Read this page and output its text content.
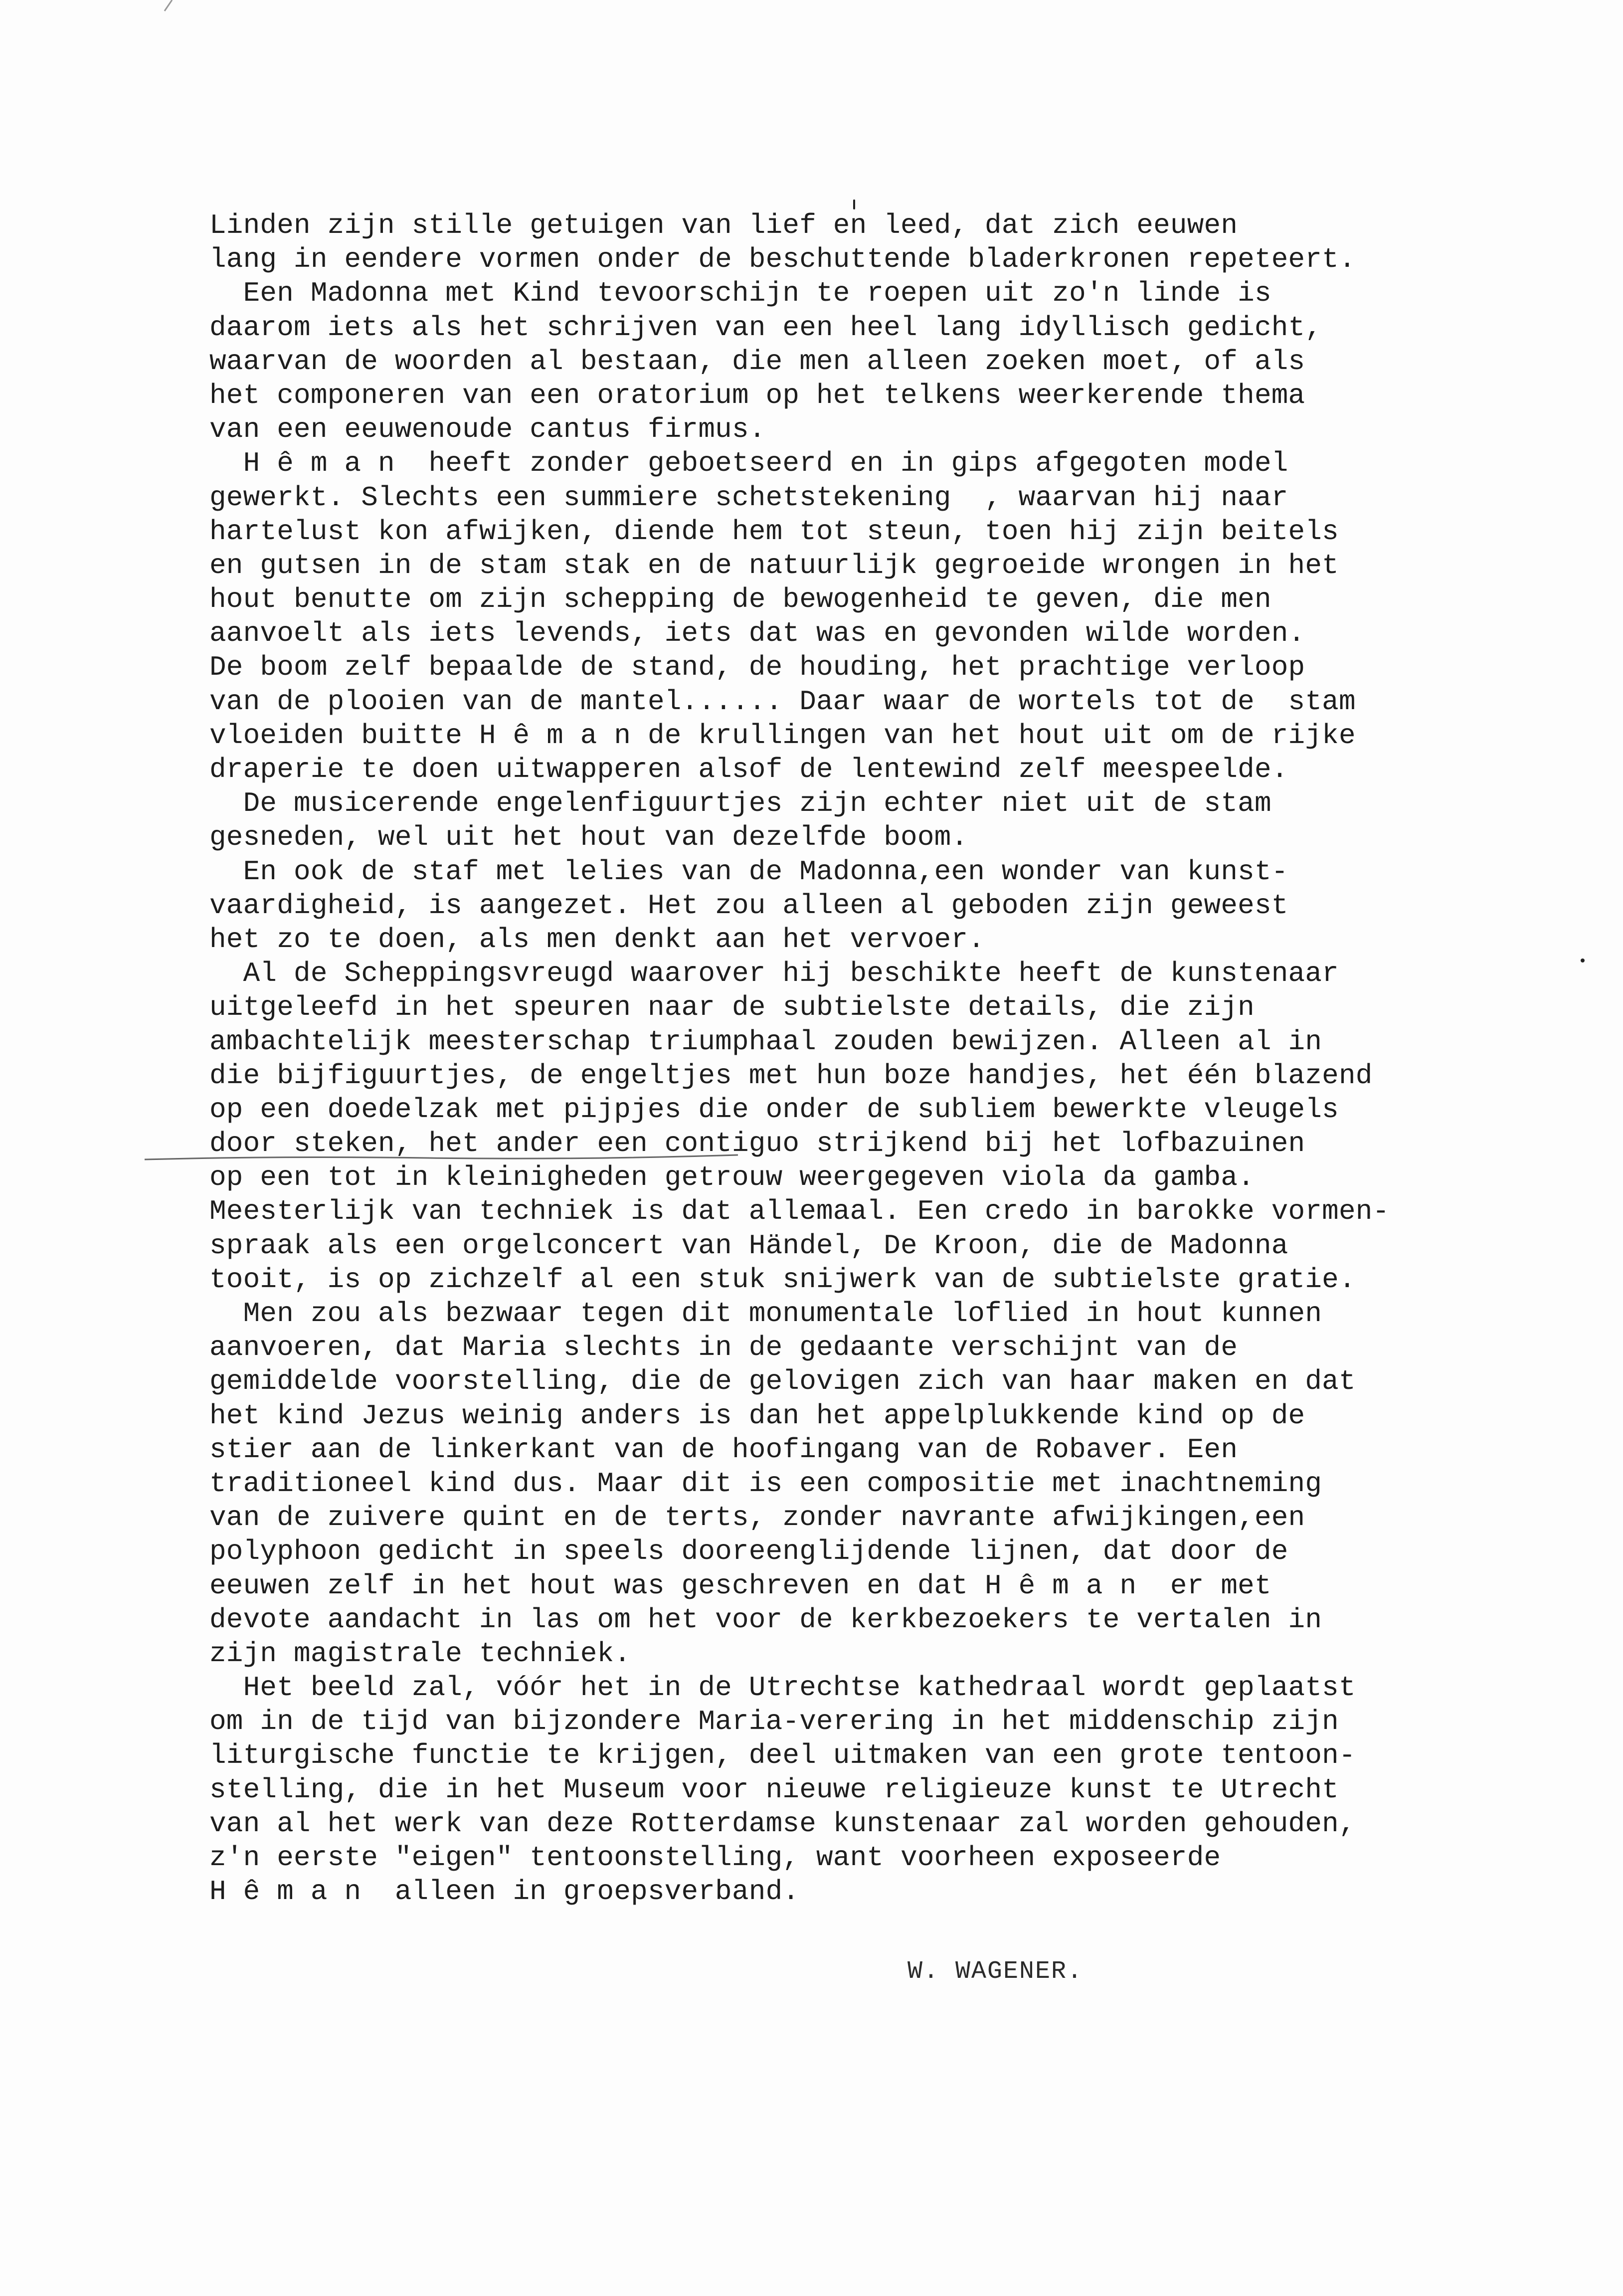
Linden zijn stille getuigen van lief en leed, dat zich eeuwen
lang in eendere vormen onder de beschuttende bladerkronen repeteert.
Een Madonna met Kind tevoorschijn te roepen uit zo'n linde is
daarom iets als het schrijven van een heel lang idyllisch gedicht,
waarvan de woorden al bestaan, die men alleen zoeken moet, of als
het componeren van een oratorium op het telkens weerkerende thema
van een eeuwenoude cantus firmus.
H ê m a n  heeft zonder geboetseerd en in gips afgegoten model
gewerkt. Slechts een summiere schetstekening  , waarvan hij naar
hartelust kon afwijken, diende hem tot steun, toen hij zijn beitels
en gutsen in de stam stak en de natuurlijk gegroeide wrongen in het
hout benutte om zijn schepping de bewogenheid te geven, die men
aanvoelt als iets levends, iets dat was en gevonden wilde worden.
De boom zelf bepaalde de stand, de houding, het prachtige verloop
van de plooien van de mantel...... Daar waar de wortels tot de  stam
vloeiden buitte H ê m a n de krullingen van het hout uit om de rijke
draperie te doen uitwapperen alsof de lentewind zelf meespeelde.
De musicerende engelenfiguurtjes zijn echter niet uit de stam
gesneden, wel uit het hout van dezelfde boom.
En ook de staf met lelies van de Madonna,een wonder van kunst-
vaardigheid, is aangezet. Het zou alleen al geboden zijn geweest
het zo te doen, als men denkt aan het vervoer.
Al de Scheppingsvreugd waarover hij beschikte heeft de kunstenaar
uitgeleefd in het speuren naar de subtielste details, die zijn
ambachtelijk meesterschap triumphaal zouden bewijzen. Alleen al in
die bijfiguurtjes, de engeltjes met hun boze handjes, het één blazend
op een doedelzak met pijpjes die onder de subliem bewerkte vleugels
door steken, het ander een contiguo strijkend bij het lofbazuinen
op een tot in kleinigheden getrouw weergegeven viola da gamba.
Meesterlijk van techniek is dat allemaal. Een credo in barokke vormen-
spraak als een orgelconcert van Händel, De Kroon, die de Madonna
tooit, is op zichzelf al een stuk snijwerk van de subtielste gratie.
Men zou als bezwaar tegen dit monumentale loflied in hout kunnen
aanvoeren, dat Maria slechts in de gedaante verschijnt van de
gemiddelde voorstelling, die de gelovigen zich van haar maken en dat
het kind Jezus weinig anders is dan het appelplukkende kind op de
stier aan de linkerkant van de hoofingang van de Robaver. Een
traditioneel kind dus. Maar dit is een compositie met inachtneming
van de zuivere quint en de terts, zonder navrante afwijkingen,een
polyphoon gedicht in speels dooreenglijdende lijnen, dat door de
eeuwen zelf in het hout was geschreven en dat H ê m a n  er met
devote aandacht in las om het voor de kerkbezoekers te vertalen in
zijn magistrale techniek.
Het beeld zal, vóór het in de Utrechtse kathedraal wordt geplaatst
om in de tijd van bijzondere Maria-verering in het middenschip zijn
liturgische functie te krijgen, deel uitmaken van een grote tentoon-
stelling, die in het Museum voor nieuwe religieuze kunst te Utrecht
van al het werk van deze Rotterdamse kunstenaar zal worden gehouden,
z'n eerste "eigen" tentoonstelling, want voorheen exposeerde
H ê m a n  alleen in groepsverband.
W. WAGENER.
